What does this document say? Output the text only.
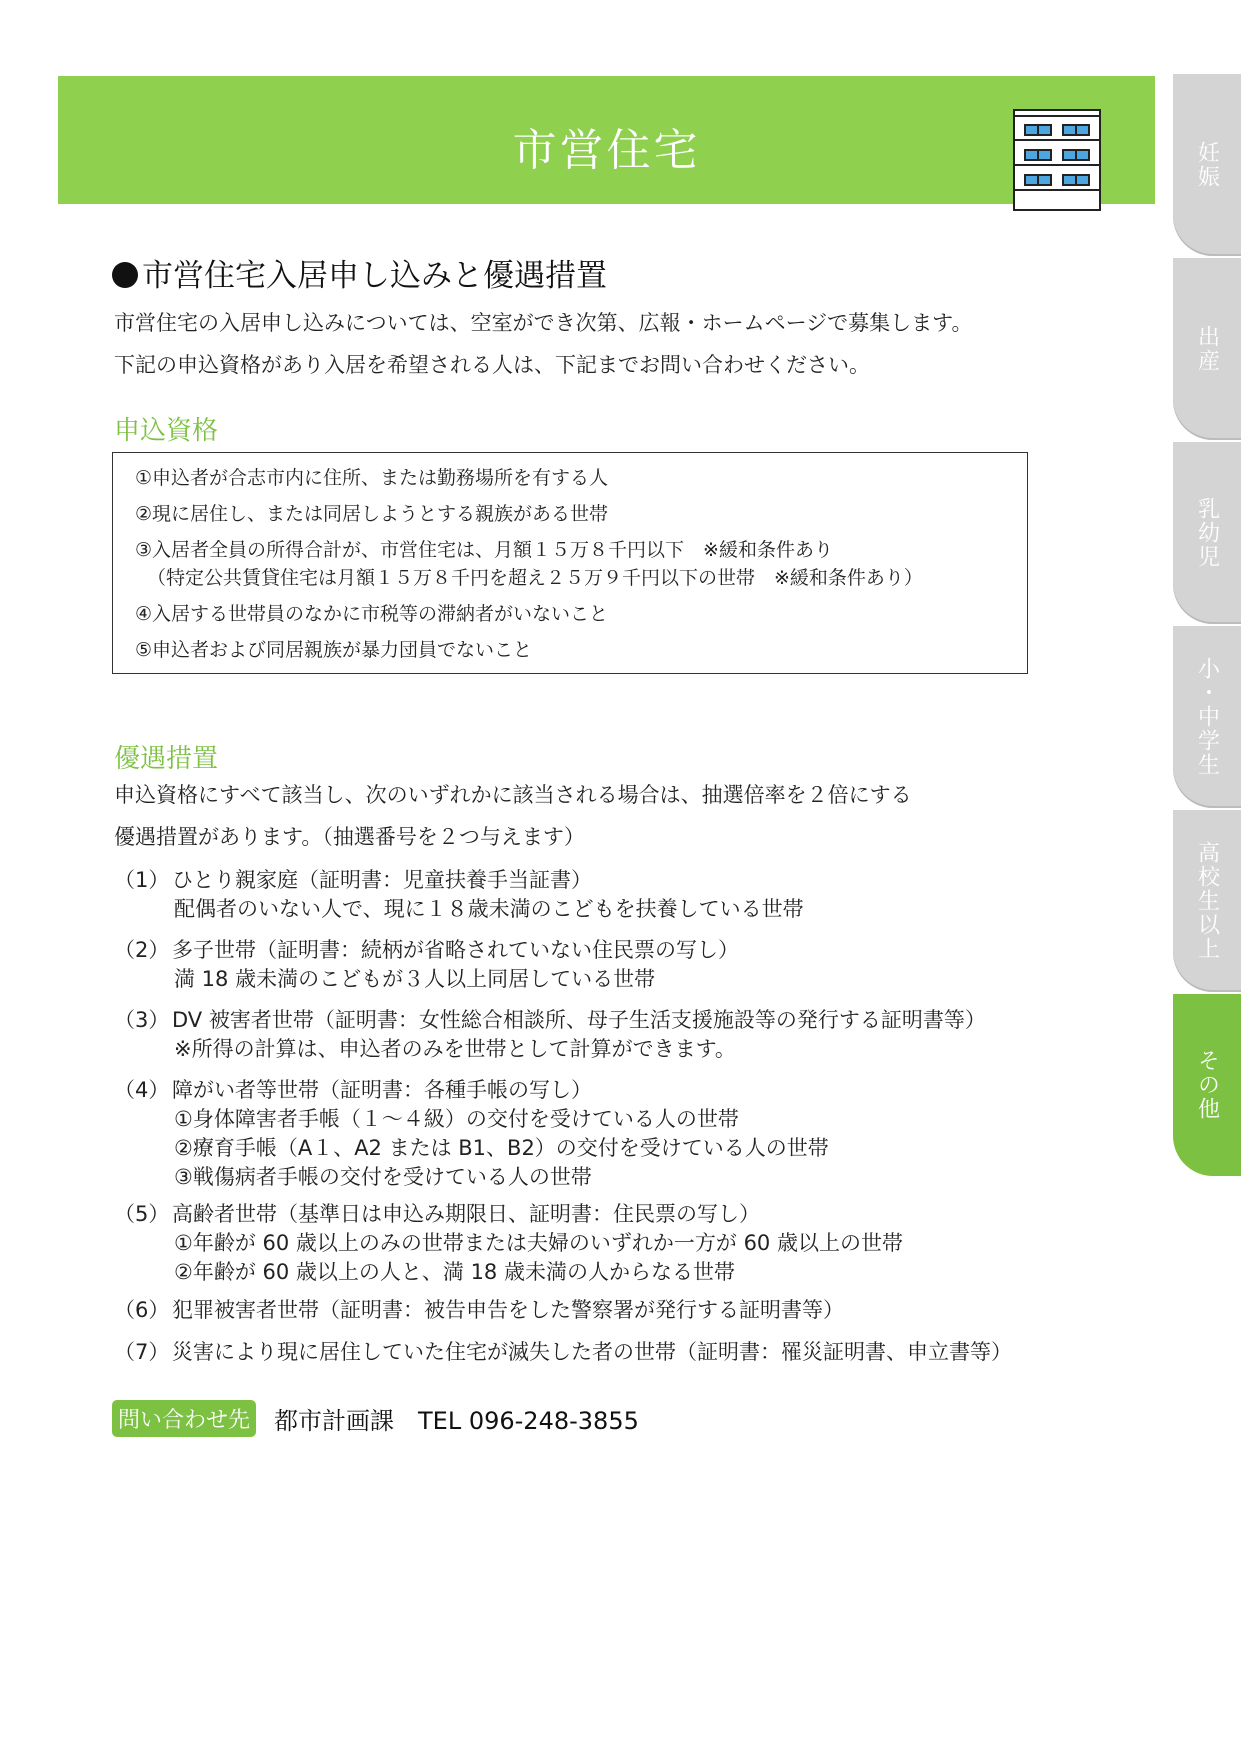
市営住宅	妊娠
出産
乳幼児
小・中学生
高校生以上
その他
市営住宅入居申し込みと優遇措置
市営住宅の入居申し込みについては、空室ができ次第、広報・ホームページで募集します。
下記の申込資格があり入居を希望される人は、下記までお問い合わせください。
申込資格
①申込者が合志市内に住所、または勤務場所を有する人
②現に居住し、または同居しようとする親族がある世帯
③入居者全員の所得合計が、市営住宅は、月額１５万８千円以下　※緩和条件あり
（特定公共賃貸住宅は月額１５万８千円を超え２５万９千円以下の世帯　※緩和条件あり）
④入居する世帯員のなかに市税等の滞納者がいないこと
⑤申込者および同居親族が暴力団員でないこと
優遇措置
申込資格にすべて該当し、次のいずれかに該当される場合は、抽選倍率を２倍にする
優遇措置があります。（抽選番号を２つ与えます）
（1） ひとり親家庭（証明書：児童扶養手当証書）
配偶者のいない人で、現に１８歳未満のこどもを扶養している世帯
（2） 多子世帯（証明書：続柄が省略されていない住民票の写し）
満 18 歳未満のこどもが３人以上同居している世帯
（3） DV 被害者世帯（証明書：女性総合相談所、母子生活支援施設等の発行する証明書等）
※所得の計算は、申込者のみを世帯として計算ができます。
（4） 障がい者等世帯（証明書：各種手帳の写し）
①身体障害者手帳（１～４級）の交付を受けている人の世帯
②療育手帳（A１、A2 または B1、B2）の交付を受けている人の世帯
③戦傷病者手帳の交付を受けている人の世帯
（5） 高齢者世帯（基準日は申込み期限日、証明書：住民票の写し）
①年齢が 60 歳以上のみの世帯または夫婦のいずれか一方が 60 歳以上の世帯
②年齢が 60 歳以上の人と、満 18 歳未満の人からなる世帯
（6） 犯罪被害者世帯（証明書：被告申告をした警察署が発行する証明書等）
（7） 災害により現に居住していた住宅が滅失した者の世帯（証明書：罹災証明書、申立書等）
問い合わせ先 都市計画課　TEL 096-248-3855
